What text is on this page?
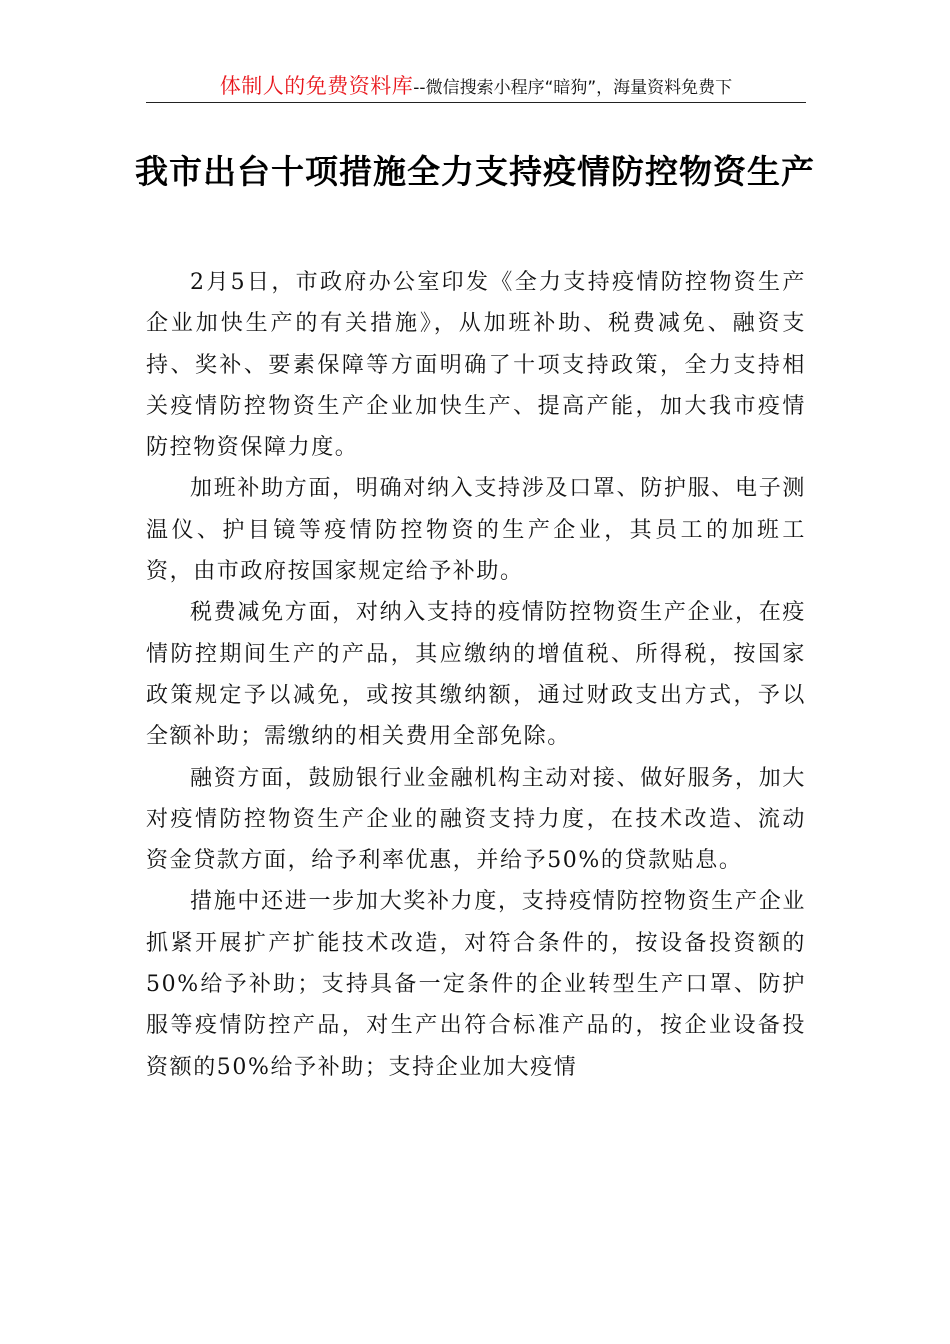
体制人的免费资料库--微信搜索小程序“暗狗”，海量资料免费下
我市出台十项措施全力支持疫情防控物资生产

2月5日，市政府办公室印发《全力支持疫情防控物资生产企业加快生产的有关措施》，从加班补助、税费减免、融资支持、奖补、要素保障等方面明确了十项支持政策，全力支持相关疫情防控物资生产企业加快生产、提高产能，加大我市疫情防控物资保障力度。

加班补助方面，明确对纳入支持涉及口罩、防护服、电子测温仪、护目镜等疫情防控物资的生产企业，其员工的加班工资，由市政府按国家规定给予补助。

税费减免方面，对纳入支持的疫情防控物资生产企业，在疫情防控期间生产的产品，其应缴纳的增值税、所得税，按国家政策规定予以减免，或按其缴纳额，通过财政支出方式，予以全额补助；需缴纳的相关费用全部免除。

融资方面，鼓励银行业金融机构主动对接、做好服务，加大对疫情防控物资生产企业的融资支持力度，在技术改造、流动资金贷款方面，给予利率优惠，并给予50%的贷款贴息。

措施中还进一步加大奖补力度，支持疫情防控物资生产企业抓紧开展扩产扩能技术改造，对符合条件的，按设备投资额的50%给予补助；支持具备一定条件的企业转型生产口罩、防护服等疫情防控产品，对生产出符合标准产品的，按企业设备投资额的50%给予补助；支持企业加大疫情
